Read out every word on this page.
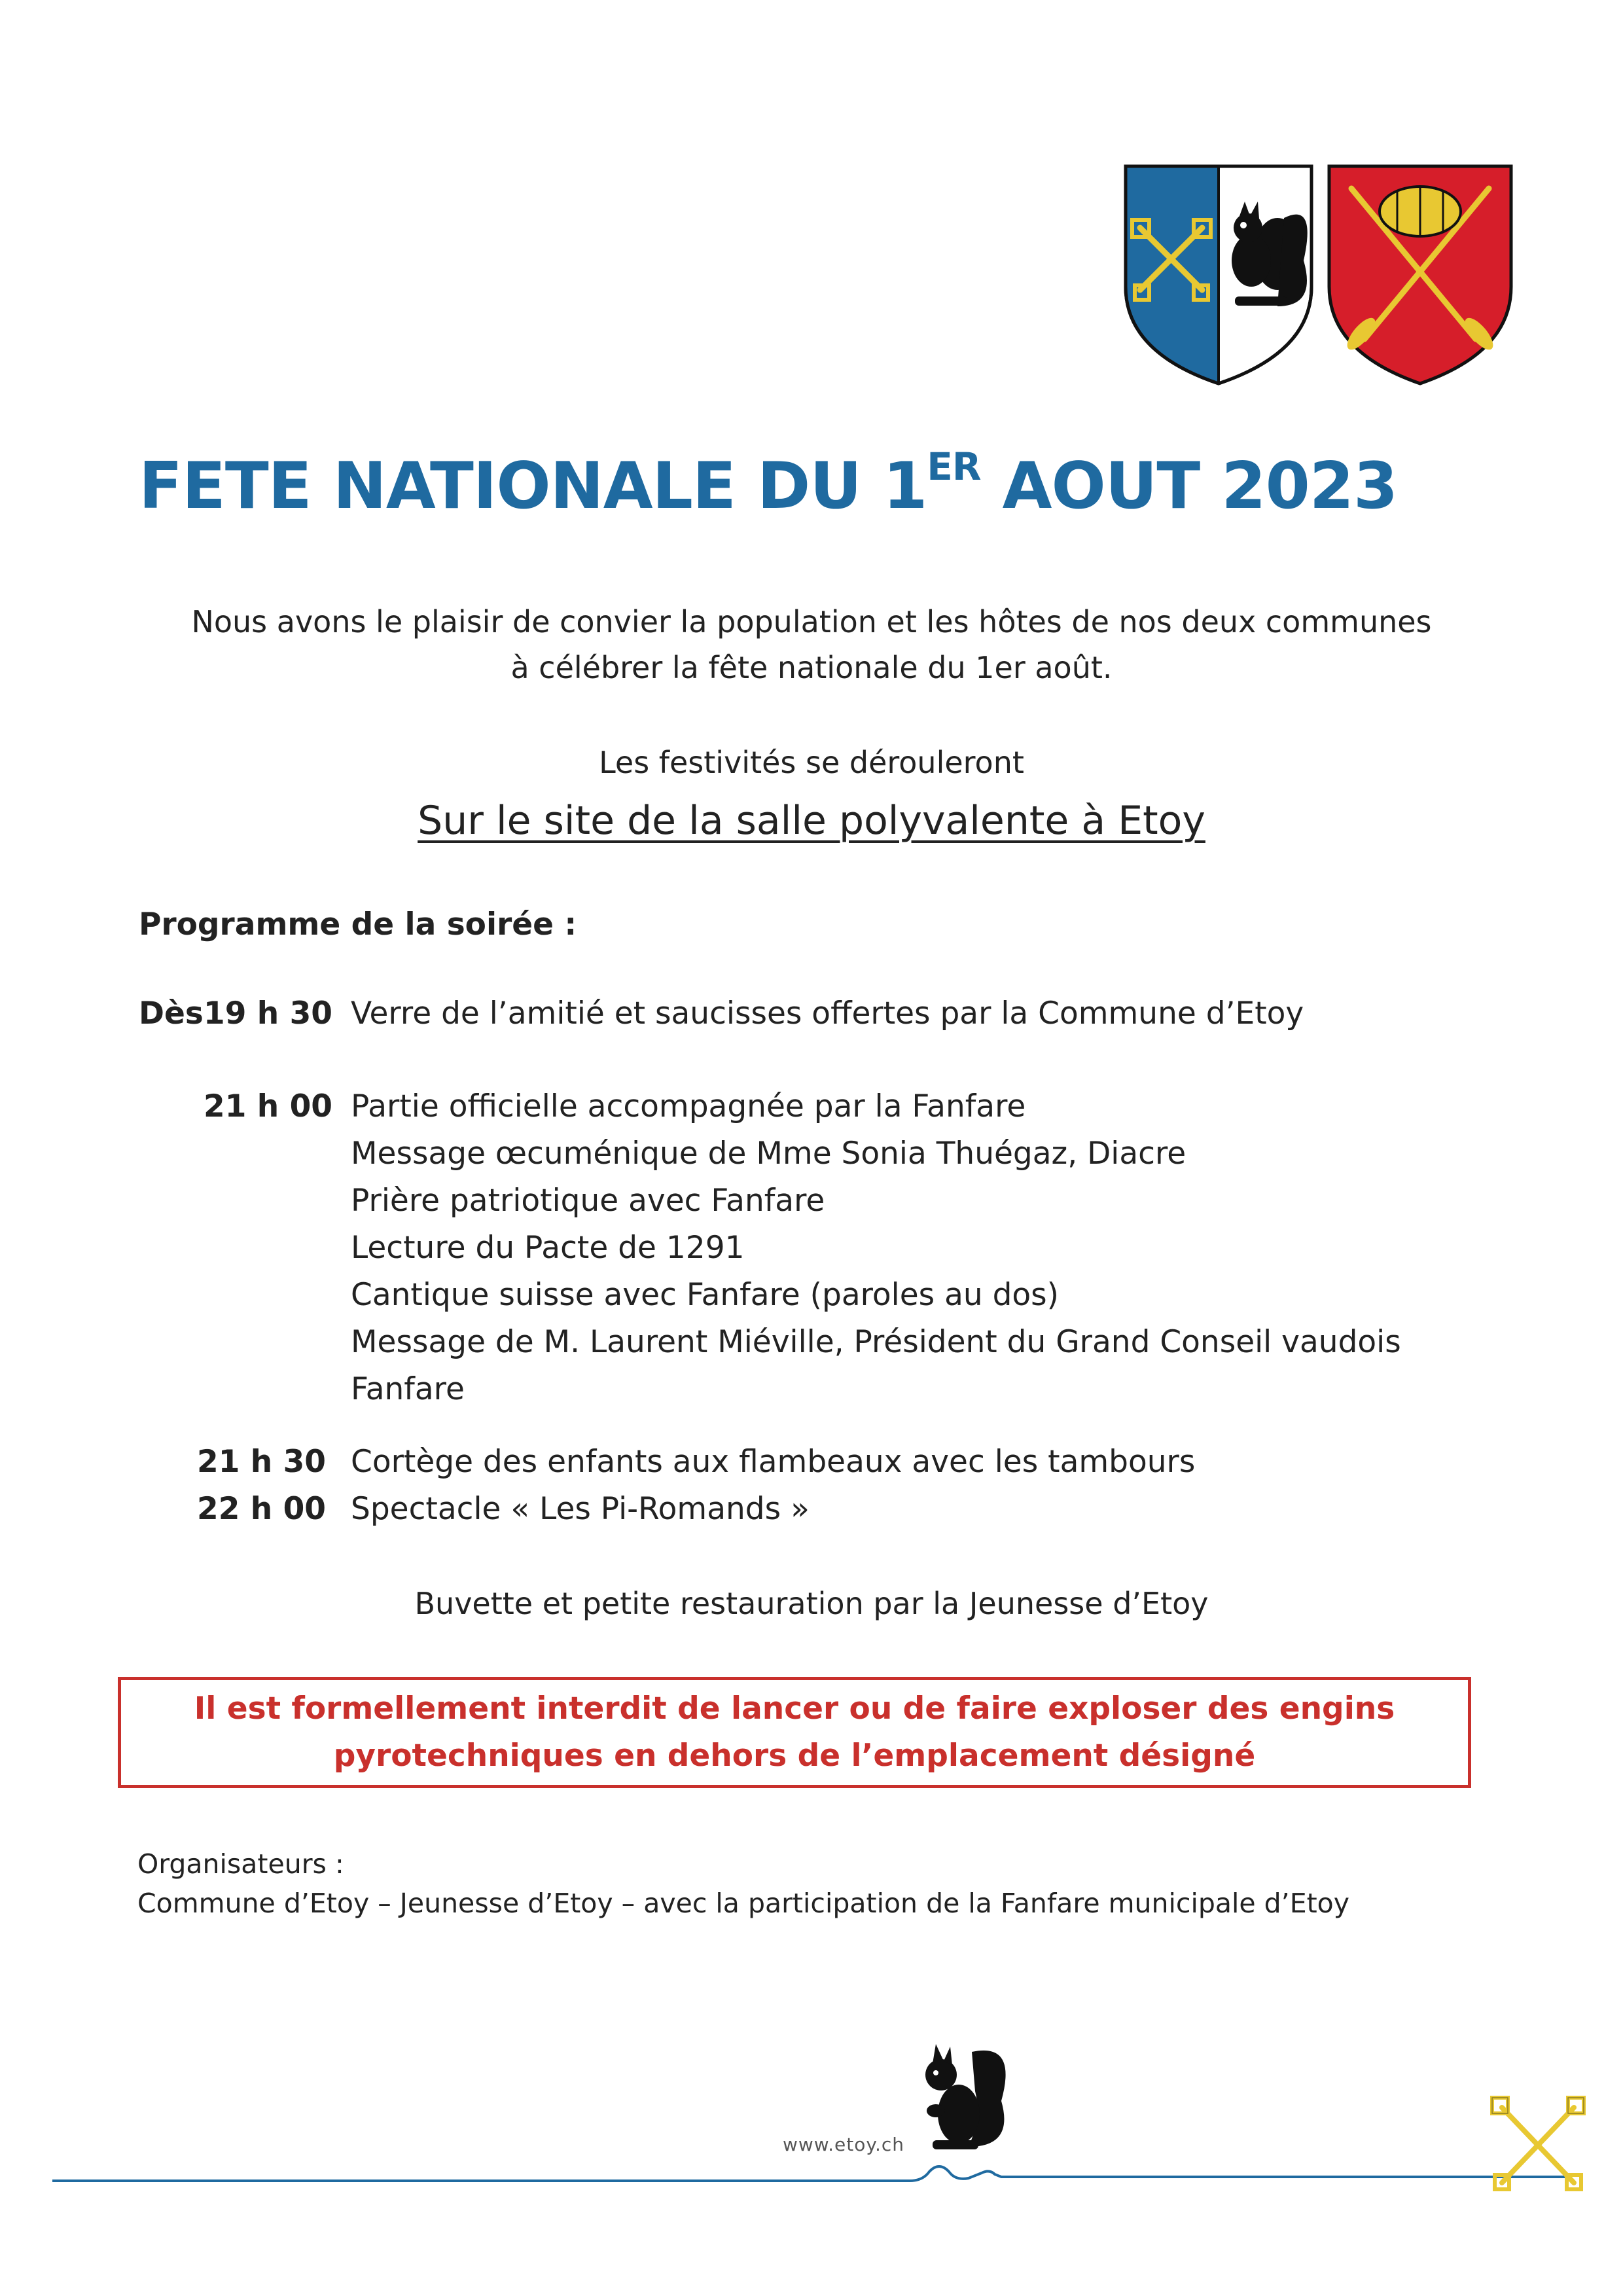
FETE NATIONALE DU 1ER AOUT 2023
Nous avons le plaisir de convier la population et les hôtes de nos deux communes
à célébrer la fête nationale du 1er août.
Les festivités se dérouleront
Sur le site de la salle polyvalente à Etoy
Programme de la soirée :
Dès 19 h 30 Verre de l’amitié et saucisses offertes par la Commune d’Etoy
21 h 00 Partie officielle accompagnée par la Fanfare
Message œcuménique de Mme Sonia Thuégaz, Diacre
Prière patriotique avec Fanfare
Lecture du Pacte de 1291
Cantique suisse avec Fanfare (paroles au dos)
Message de M. Laurent Miéville, Président du Grand Conseil vaudois
Fanfare
21 h 30 Cortège des enfants aux flambeaux avec les tambours
22 h 00 Spectacle « Les Pi-Romands »
Buvette et petite restauration par la Jeunesse d’Etoy
Il est formellement interdit de lancer ou de faire exploser des engins
pyrotechniques en dehors de l’emplacement désigné
Organisateurs :
Commune d’Etoy – Jeunesse d’Etoy – avec la participation de la Fanfare municipale d’Etoy
www.etoy.ch
